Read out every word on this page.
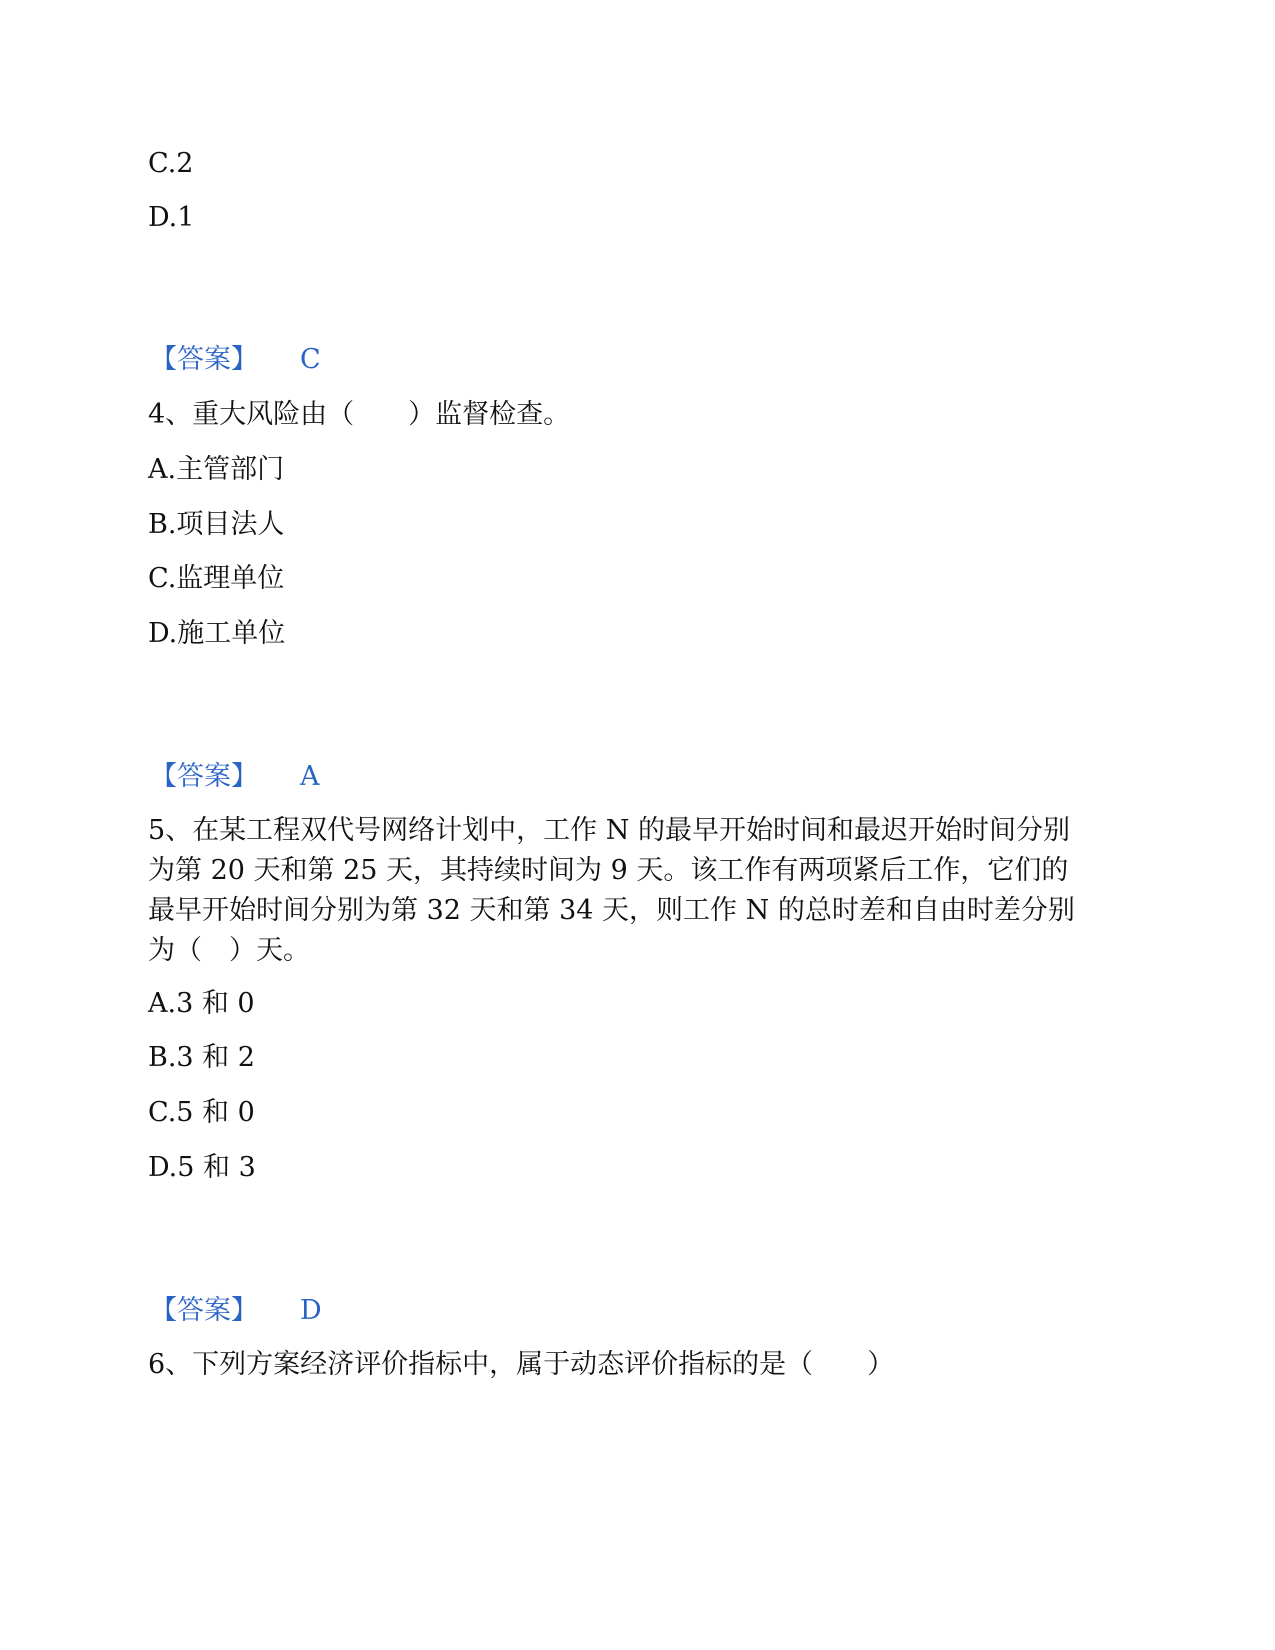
C.2
D.1
【答案】 C
4、重大风险由（　　）监督检查。
A.主管部门
B.项目法人
C.监理单位
D.施工单位
【答案】 A
5、在某工程双代号网络计划中，工作 N 的最早开始时间和最迟开始时间分别为第 20 天和第 25 天，其持续时间为 9 天。该工作有两项紧后工作，它们的最早开始时间分别为第 32 天和第 34 天，则工作 N 的总时差和自由时差分别为（　）天。
A.3 和 0
B.3 和 2
C.5 和 0
D.5 和 3
【答案】 D
6、下列方案经济评价指标中，属于动态评价指标的是（　　）
